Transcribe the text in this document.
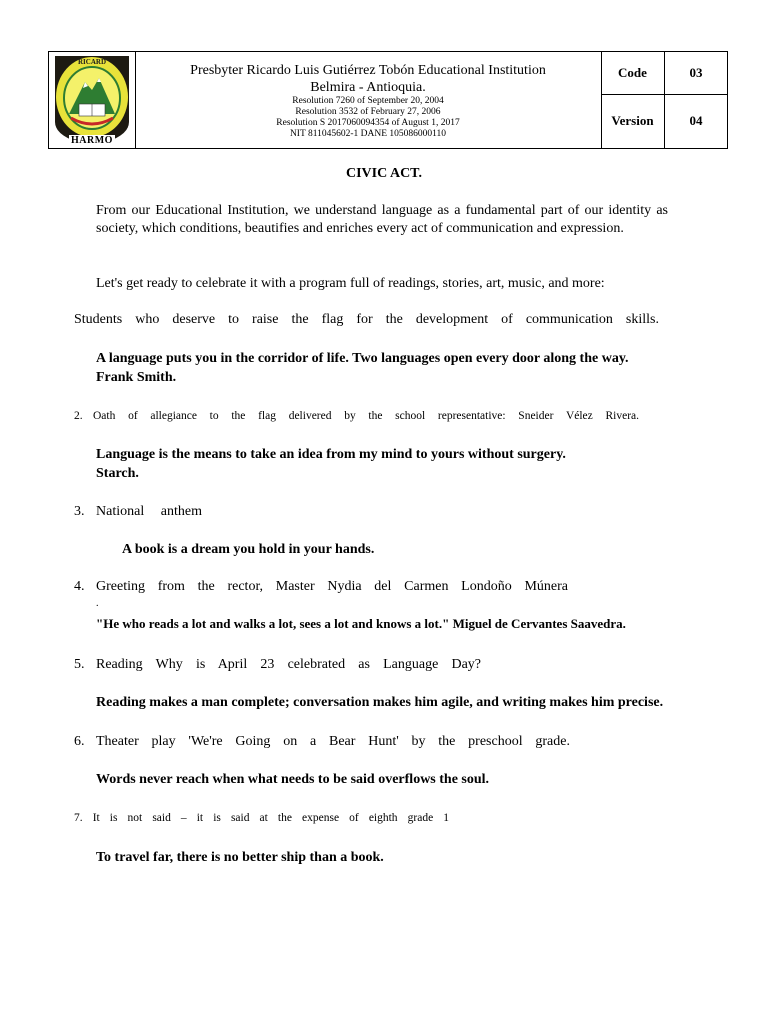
RICARD
HARMO
Presbyter Ricardo Luis Gutiérrez Tobón Educational Institution
Belmira - Antioquia.
Resolution 7260 of September 20, 2004
Resolution 3532 of February 27, 2006
Resolution S 2017060094354 of August 1, 2017
NIT 811045602-1 DANE 105086000110
Code	03
Version	04
CIVIC ACT.
From our Educational Institution, we understand language as a fundamental part of our identity as society, which conditions, beautifies and enriches every act of communication and expression.
Let's get ready to celebrate it with a program full of readings, stories, art, music, and more:
Students who deserve to raise the flag for the development of communication skills.
A language puts you in the corridor of life. Two languages open every door along the way.
Frank Smith.
2. Oath of allegiance to the flag delivered by the school representative: Sneider Vélez Rivera.
Language is the means to take an idea from my mind to yours without surgery.
Starch.
3. National anthem
A book is a dream you hold in your hands.
4. Greeting from the rector, Master Nydia del Carmen Londoño Múnera
.
"He who reads a lot and walks a lot, sees a lot and knows a lot." Miguel de Cervantes Saavedra.
5. Reading Why is April 23 celebrated as Language Day?
Reading makes a man complete; conversation makes him agile, and writing makes him precise.
6. Theater play 'We're Going on a Bear Hunt' by the preschool grade.
Words never reach when what needs to be said overflows the soul.
7. It is not said – it is said at the expense of eighth grade 1
To travel far, there is no better ship than a book.
